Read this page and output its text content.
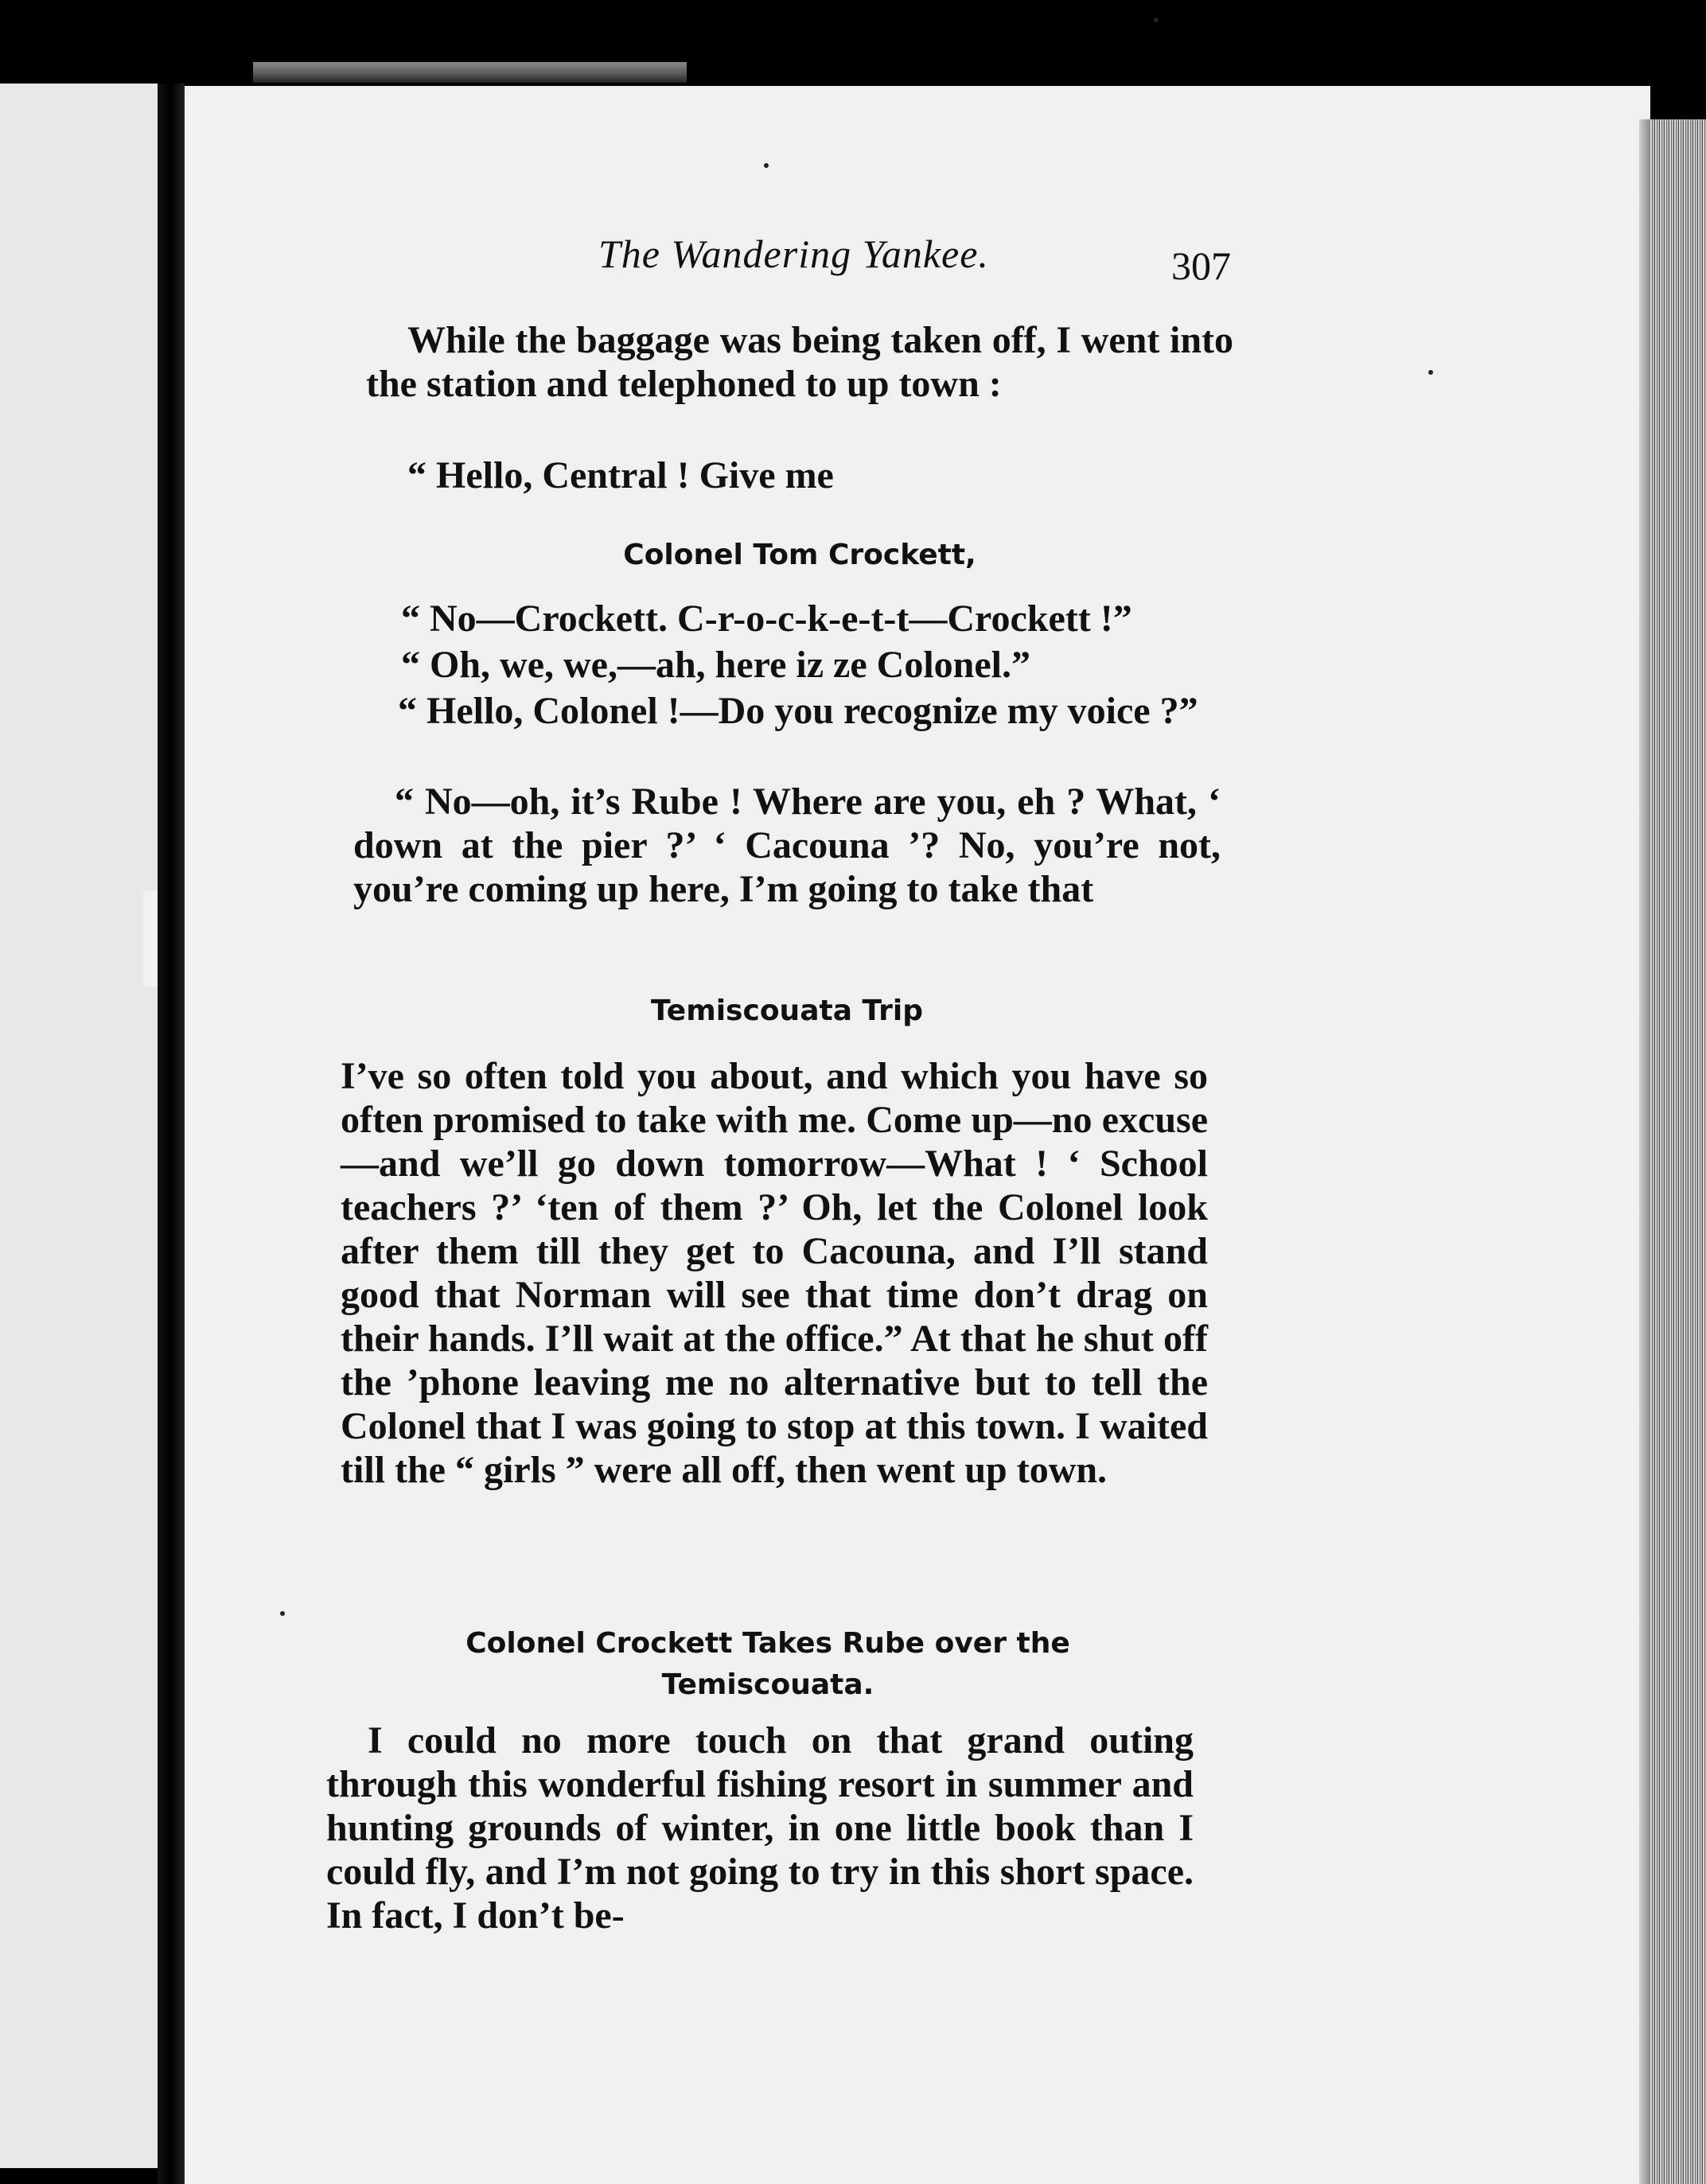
The Wandering Yankee.	307

While the baggage was being taken off, I went into the station and telephoned to up town :

“ Hello, Central ! Give me

Colonel Tom Crockett,

“ No—Crockett. C-r-o-c-k-e-t-t—Crockett !”

“ Oh, we, we,—ah, here iz ze Colonel.”

“ Hello, Colonel !—Do you recognize my voice ?”

“ No—oh, it’s Rube ! Where are you, eh ? What, ‘ down at the pier ?’ ‘ Cacouna ’? No, you’re not, you’re coming up here, I’m going to take that

Temiscouata Trip

I’ve so often told you about, and which you have so often promised to take with me. Come up—no excuse—and we’ll go down tomorrow—What ! ‘ School teachers ?’ ‘ten of them ?’ Oh, let the Colonel look after them till they get to Cacouna, and I’ll stand good that Norman will see that time don’t drag on their hands. I’ll wait at the office.” At that he shut off the ’phone leaving me no alternative but to tell the Colonel that I was going to stop at this town. I waited till the “ girls ” were all off, then went up town.

Colonel Crockett Takes Rube over the
Temiscouata.

I could no more touch on that grand outing through this wonderful fishing resort in summer and hunting grounds of winter, in one little book than I could fly, and I’m not going to try in this short space. In fact, I don’t be-
